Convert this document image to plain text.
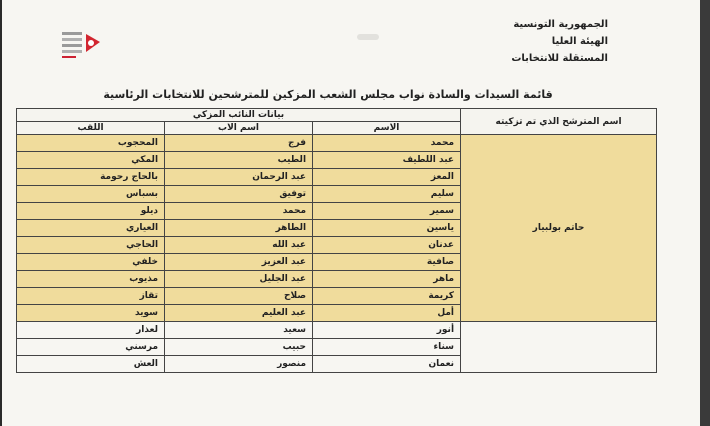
الجمهورية التونسية
الهيئة العليا
المستقلة للانتخابات
قائمة السيدات والسادة نواب مجلس الشعب المزكين للمترشحين للانتخابات الرئاسية
اسم المترشح الذي تم تزكيته	بيانات النائب المزكي		
	الاسم	اسم الاب	اللقب
حاتم بولبيار	محمد	فرج	المحجوب
	عبد اللطيف	الطيب	المكي
	المعز	عبد الرحمان	بالحاج رحومة
	سليم	توفيق	بسباس
	سمير	محمد	ديلو
	ياسين	الطاهر	العياري
	عدنان	عبد الله	الحاجي
	صافية	عبد العزيز	خلفي
	ماهر	عبد الجليل	مذيوب
	كريمة	صلاح	تقاز
	أمل	عبد العليم	سويد
	أنور	سعيد	لعذار
	سناء	حبيب	مرسني
	نعمان	منصور	العش
